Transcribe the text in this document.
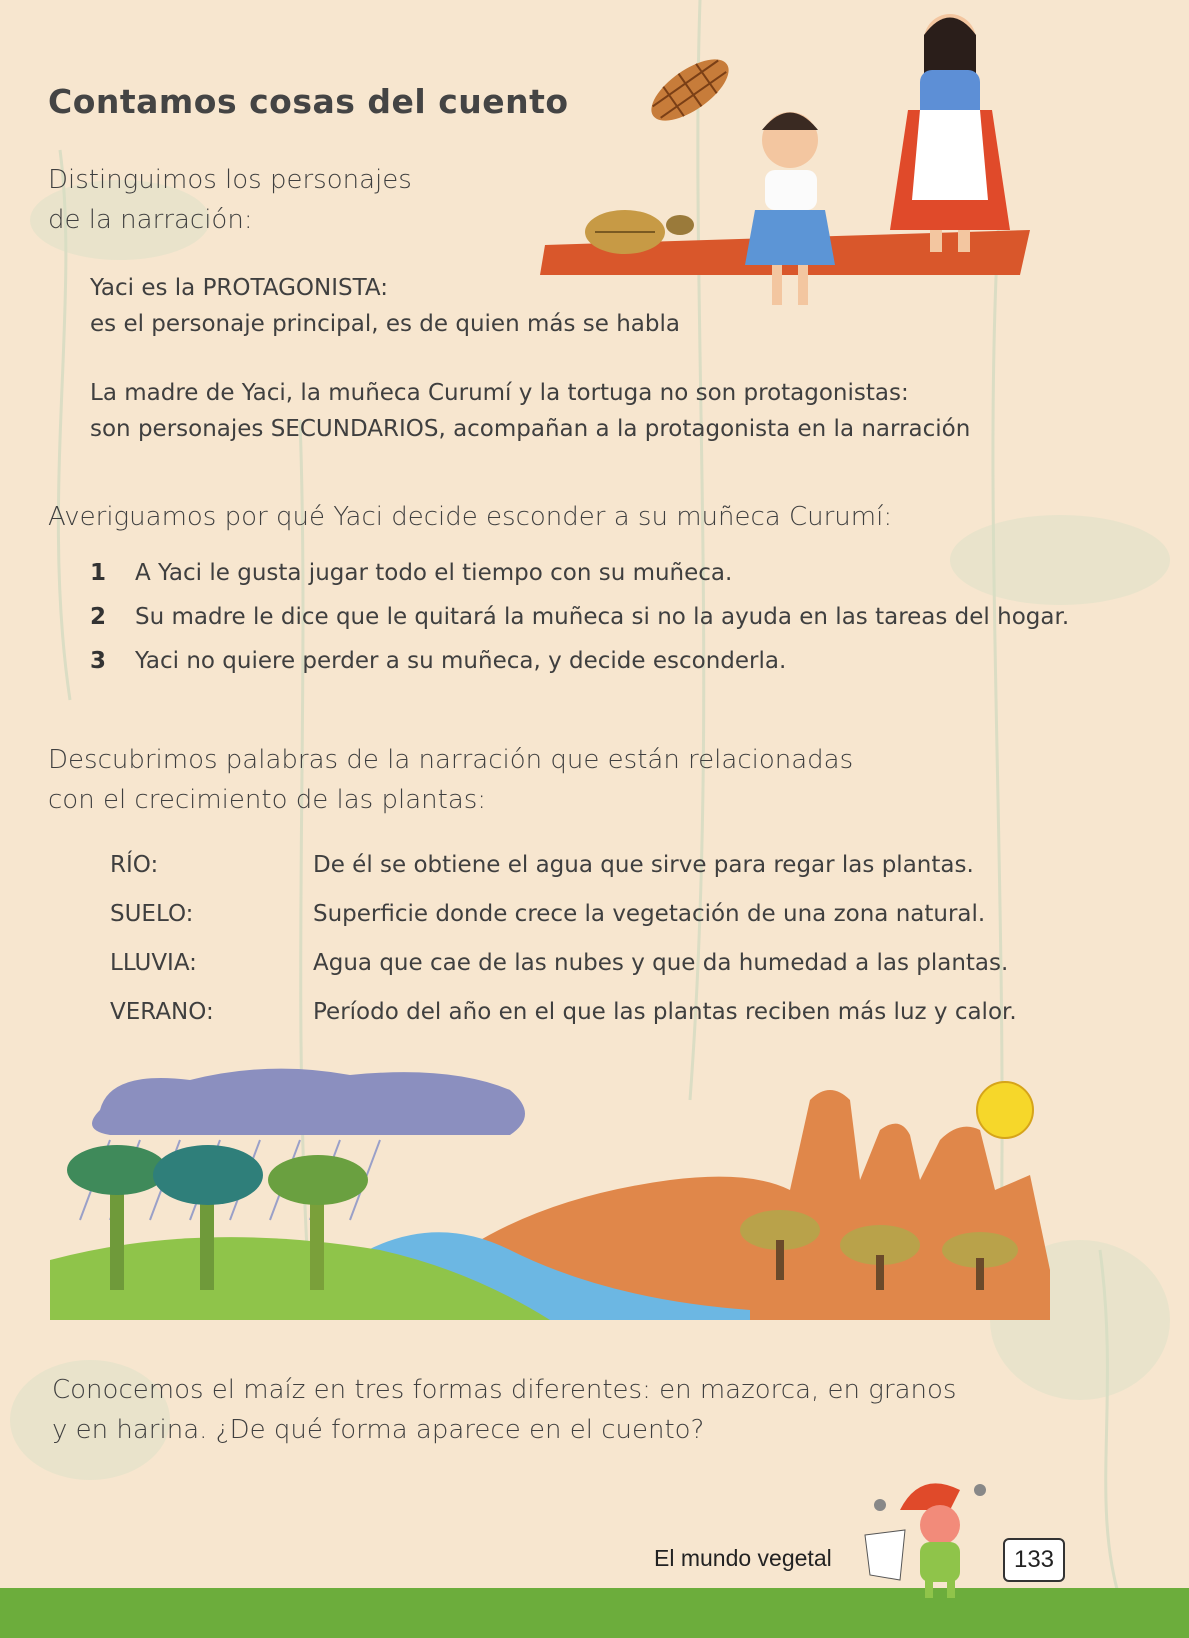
Contamos cosas del cuento
Distinguimos los personajes
de la narración:
Yaci es la PROTAGONISTA:
es el personaje principal, es de quien más se habla
La madre de Yaci, la muñeca Curumí y la tortuga no son protagonistas:
son personajes SECUNDARIOS, acompañan a la protagonista en la narración
Averiguamos por qué Yaci decide esconder a su muñeca Curumí:
1	A Yaci le gusta jugar todo el tiempo con su muñeca.
2	Su madre le dice que le quitará la muñeca si no la ayuda en las tareas del hogar.
3	Yaci no quiere perder a su muñeca, y decide esconderla.
Descubrimos palabras de la narración que están relacionadas
con el crecimiento de las plantas:
RÍO:	De él se obtiene el agua que sirve para regar las plantas.
SUELO:	Superficie donde crece la vegetación de una zona natural.
LLUVIA:	Agua que cae de las nubes y que da humedad a las plantas.
VERANO:	Período del año en el que las plantas reciben más luz y calor.
Conocemos el maíz en tres formas diferentes: en mazorca, en granos
y en harina. ¿De qué forma aparece en el cuento?
El mundo vegetal	133
